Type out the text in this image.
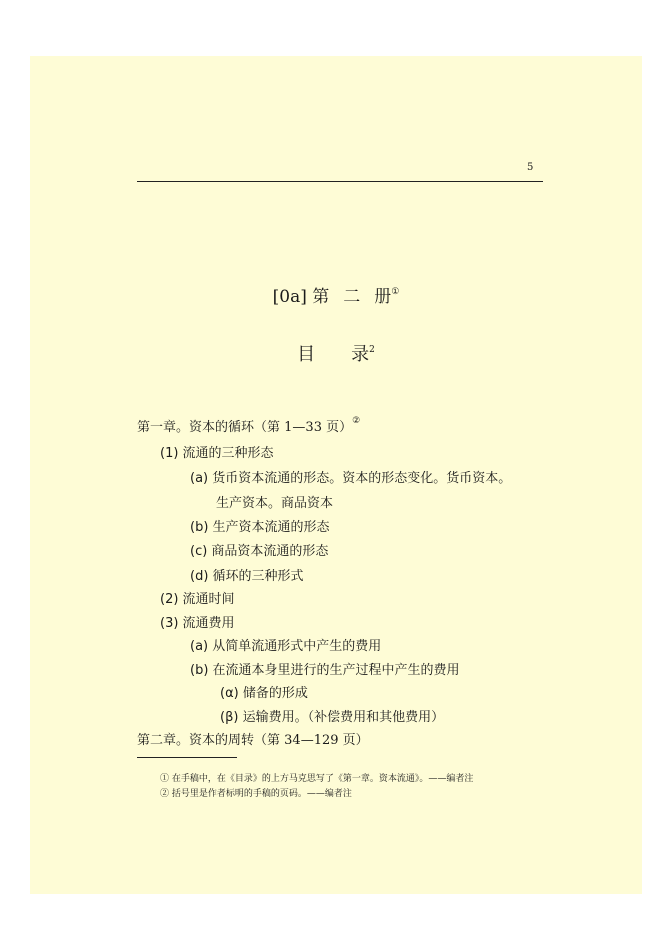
5
[0a] 第 二 册①
目 录$^2$
第一章。资本的循环（第 1—33 页）②
(1) 流通的三种形态
(a) 货币资本流通的形态。资本的形态变化。货币资本。
生产资本。商品资本
(b) 生产资本流通的形态
(c) 商品资本流通的形态
(d) 循环的三种形式
(2) 流通时间
(3) 流通费用
(a) 从简单流通形式中产生的费用
(b) 在流通本身里进行的生产过程中产生的费用
(α) 储备的形成
(β) 运输费用。（补偿费用和其他费用）
第二章。资本的周转（第 34—129 页）
① 在手稿中，在《目录》的上方马克思写了《第一章。资本流通》。——编者注
② 括号里是作者标明的手稿的页码。——编者注
